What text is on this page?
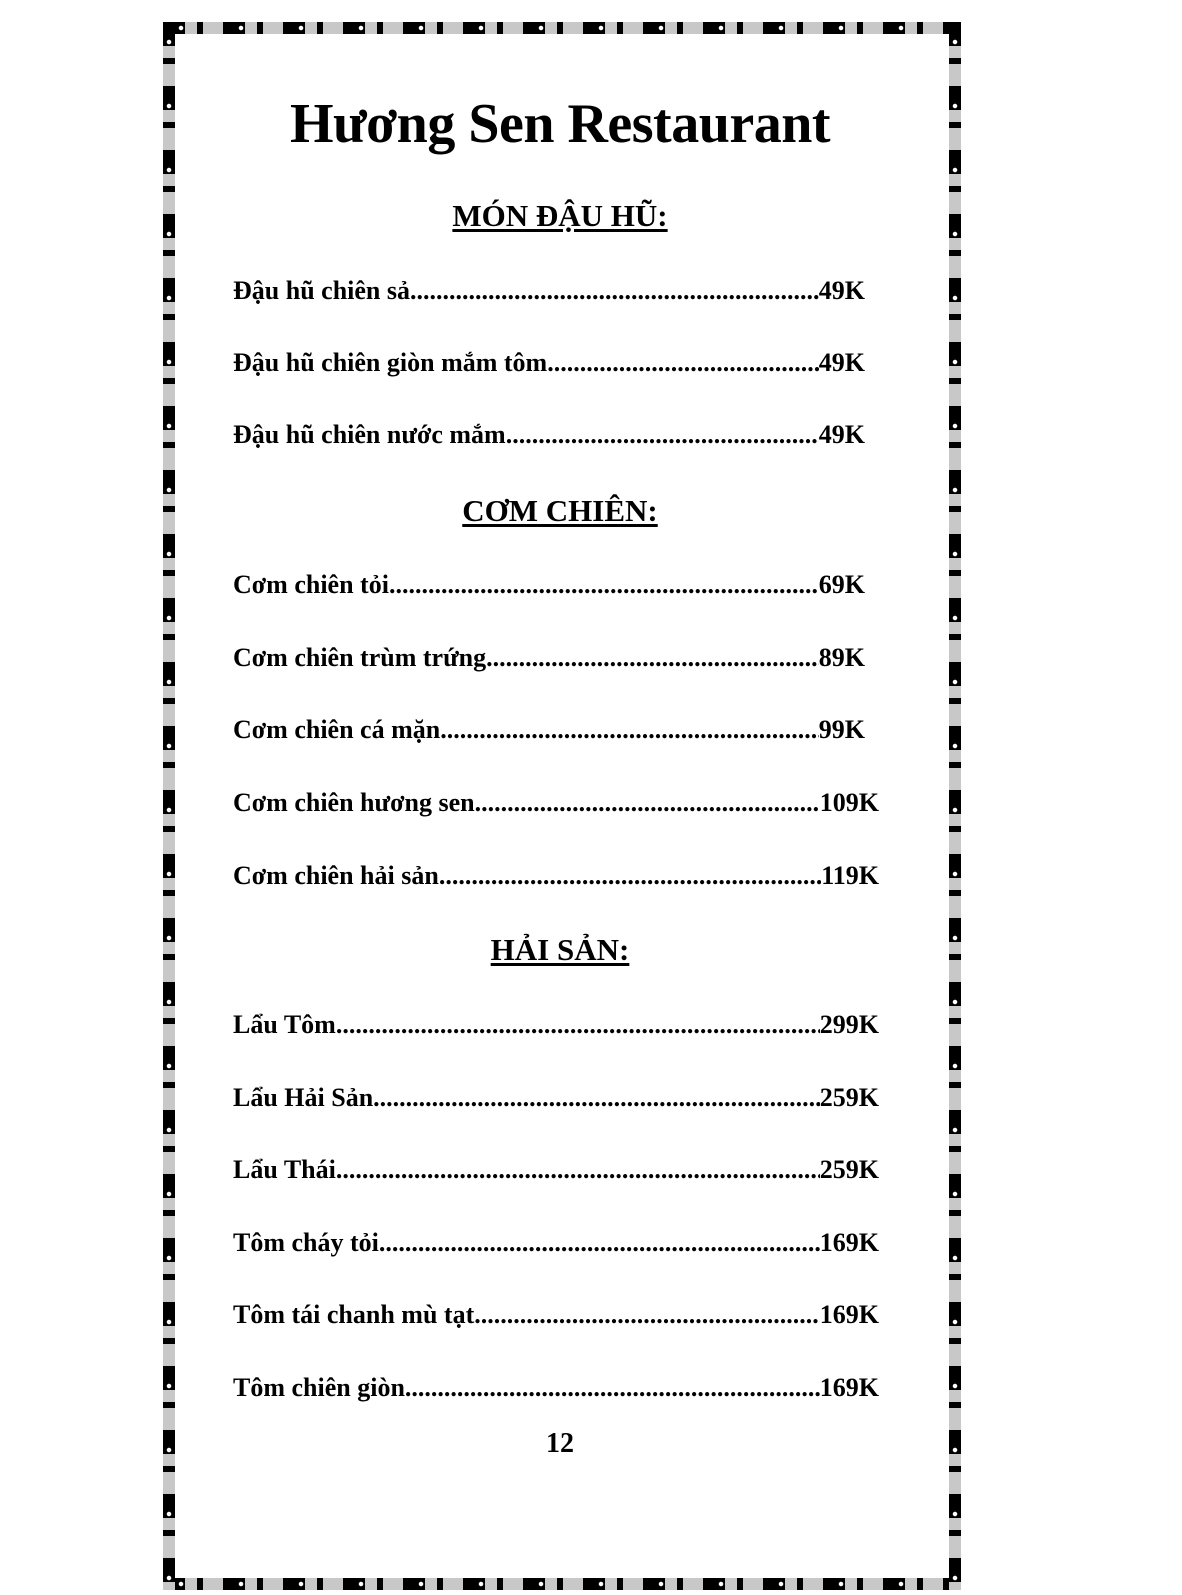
Hương Sen Restaurant
MÓN ĐẬU HŨ:
Đậu hũ chiên sả .....	49K
Đậu hũ chiên giòn mắm tôm .....	49K
Đậu hũ chiên nước mắm .....	49K
CƠM CHIÊN:
Cơm chiên tỏi .....	69K
Cơm chiên trùm trứng .....	89K
Cơm chiên cá mặn .....	99K
Cơm chiên hương sen .....	109K
Cơm chiên hải sản .....	119K
HẢI SẢN:
Lẩu Tôm .....	299K
Lẩu Hải Sản .....	259K
Lẩu Thái .....	259K
Tôm cháy tỏi .....	169K
Tôm tái chanh mù tạt .....	169K
Tôm chiên giòn .....	169K
12
